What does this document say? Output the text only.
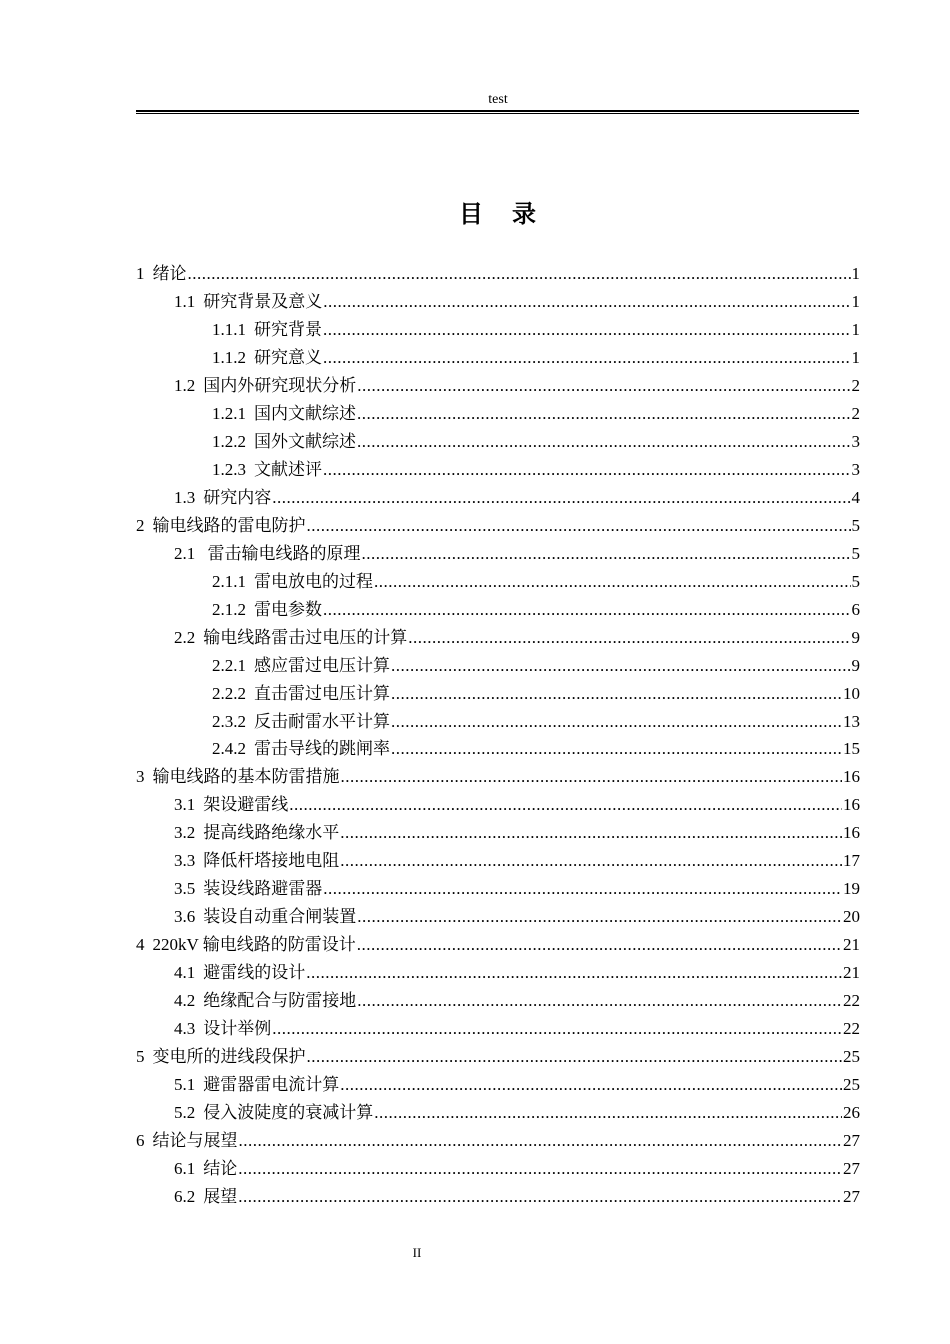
test
目 录
1 绪论 .....	1
1.1 研究背景及意义 .....	1
1.1.1 研究背景 .....	1
1.1.2 研究意义 .....	1
1.2 国内外研究现状分析 .....	2
1.2.1 国内文献综述 .....	2
1.2.2 国外文献综述 .....	3
1.2.3 文献述评 .....	3
1.3 研究内容 .....	4
2 输电线路的雷电防护 .....	5
2.1 雷击输电线路的原理 .....	5
2.1.1 雷电放电的过程 .....	5
2.1.2 雷电参数 .....	6
2.2 输电线路雷击过电压的计算 .....	9
2.2.1 感应雷过电压计算 .....	9
2.2.2 直击雷过电压计算 .....	10
2.3.2 反击耐雷水平计算 .....	13
2.4.2 雷击导线的跳闸率 .....	15
3 输电线路的基本防雷措施 .....	16
3.1 架设避雷线 .....	16
3.2 提高线路绝缘水平 .....	16
3.3 降低杆塔接地电阻 .....	17
3.5 装设线路避雷器 .....	19
3.6 装设自动重合闸装置 .....	20
4 220kV 输电线路的防雷设计 .....	21
4.1 避雷线的设计 .....	21
4.2 绝缘配合与防雷接地 .....	22
4.3 设计举例 .....	22
5 变电所的进线段保护 .....	25
5.1 避雷器雷电流计算 .....	25
5.2 侵入波陡度的衰减计算 .....	26
6 结论与展望 .....	27
6.1 结论 .....	27
6.2 展望 .....	27
II
